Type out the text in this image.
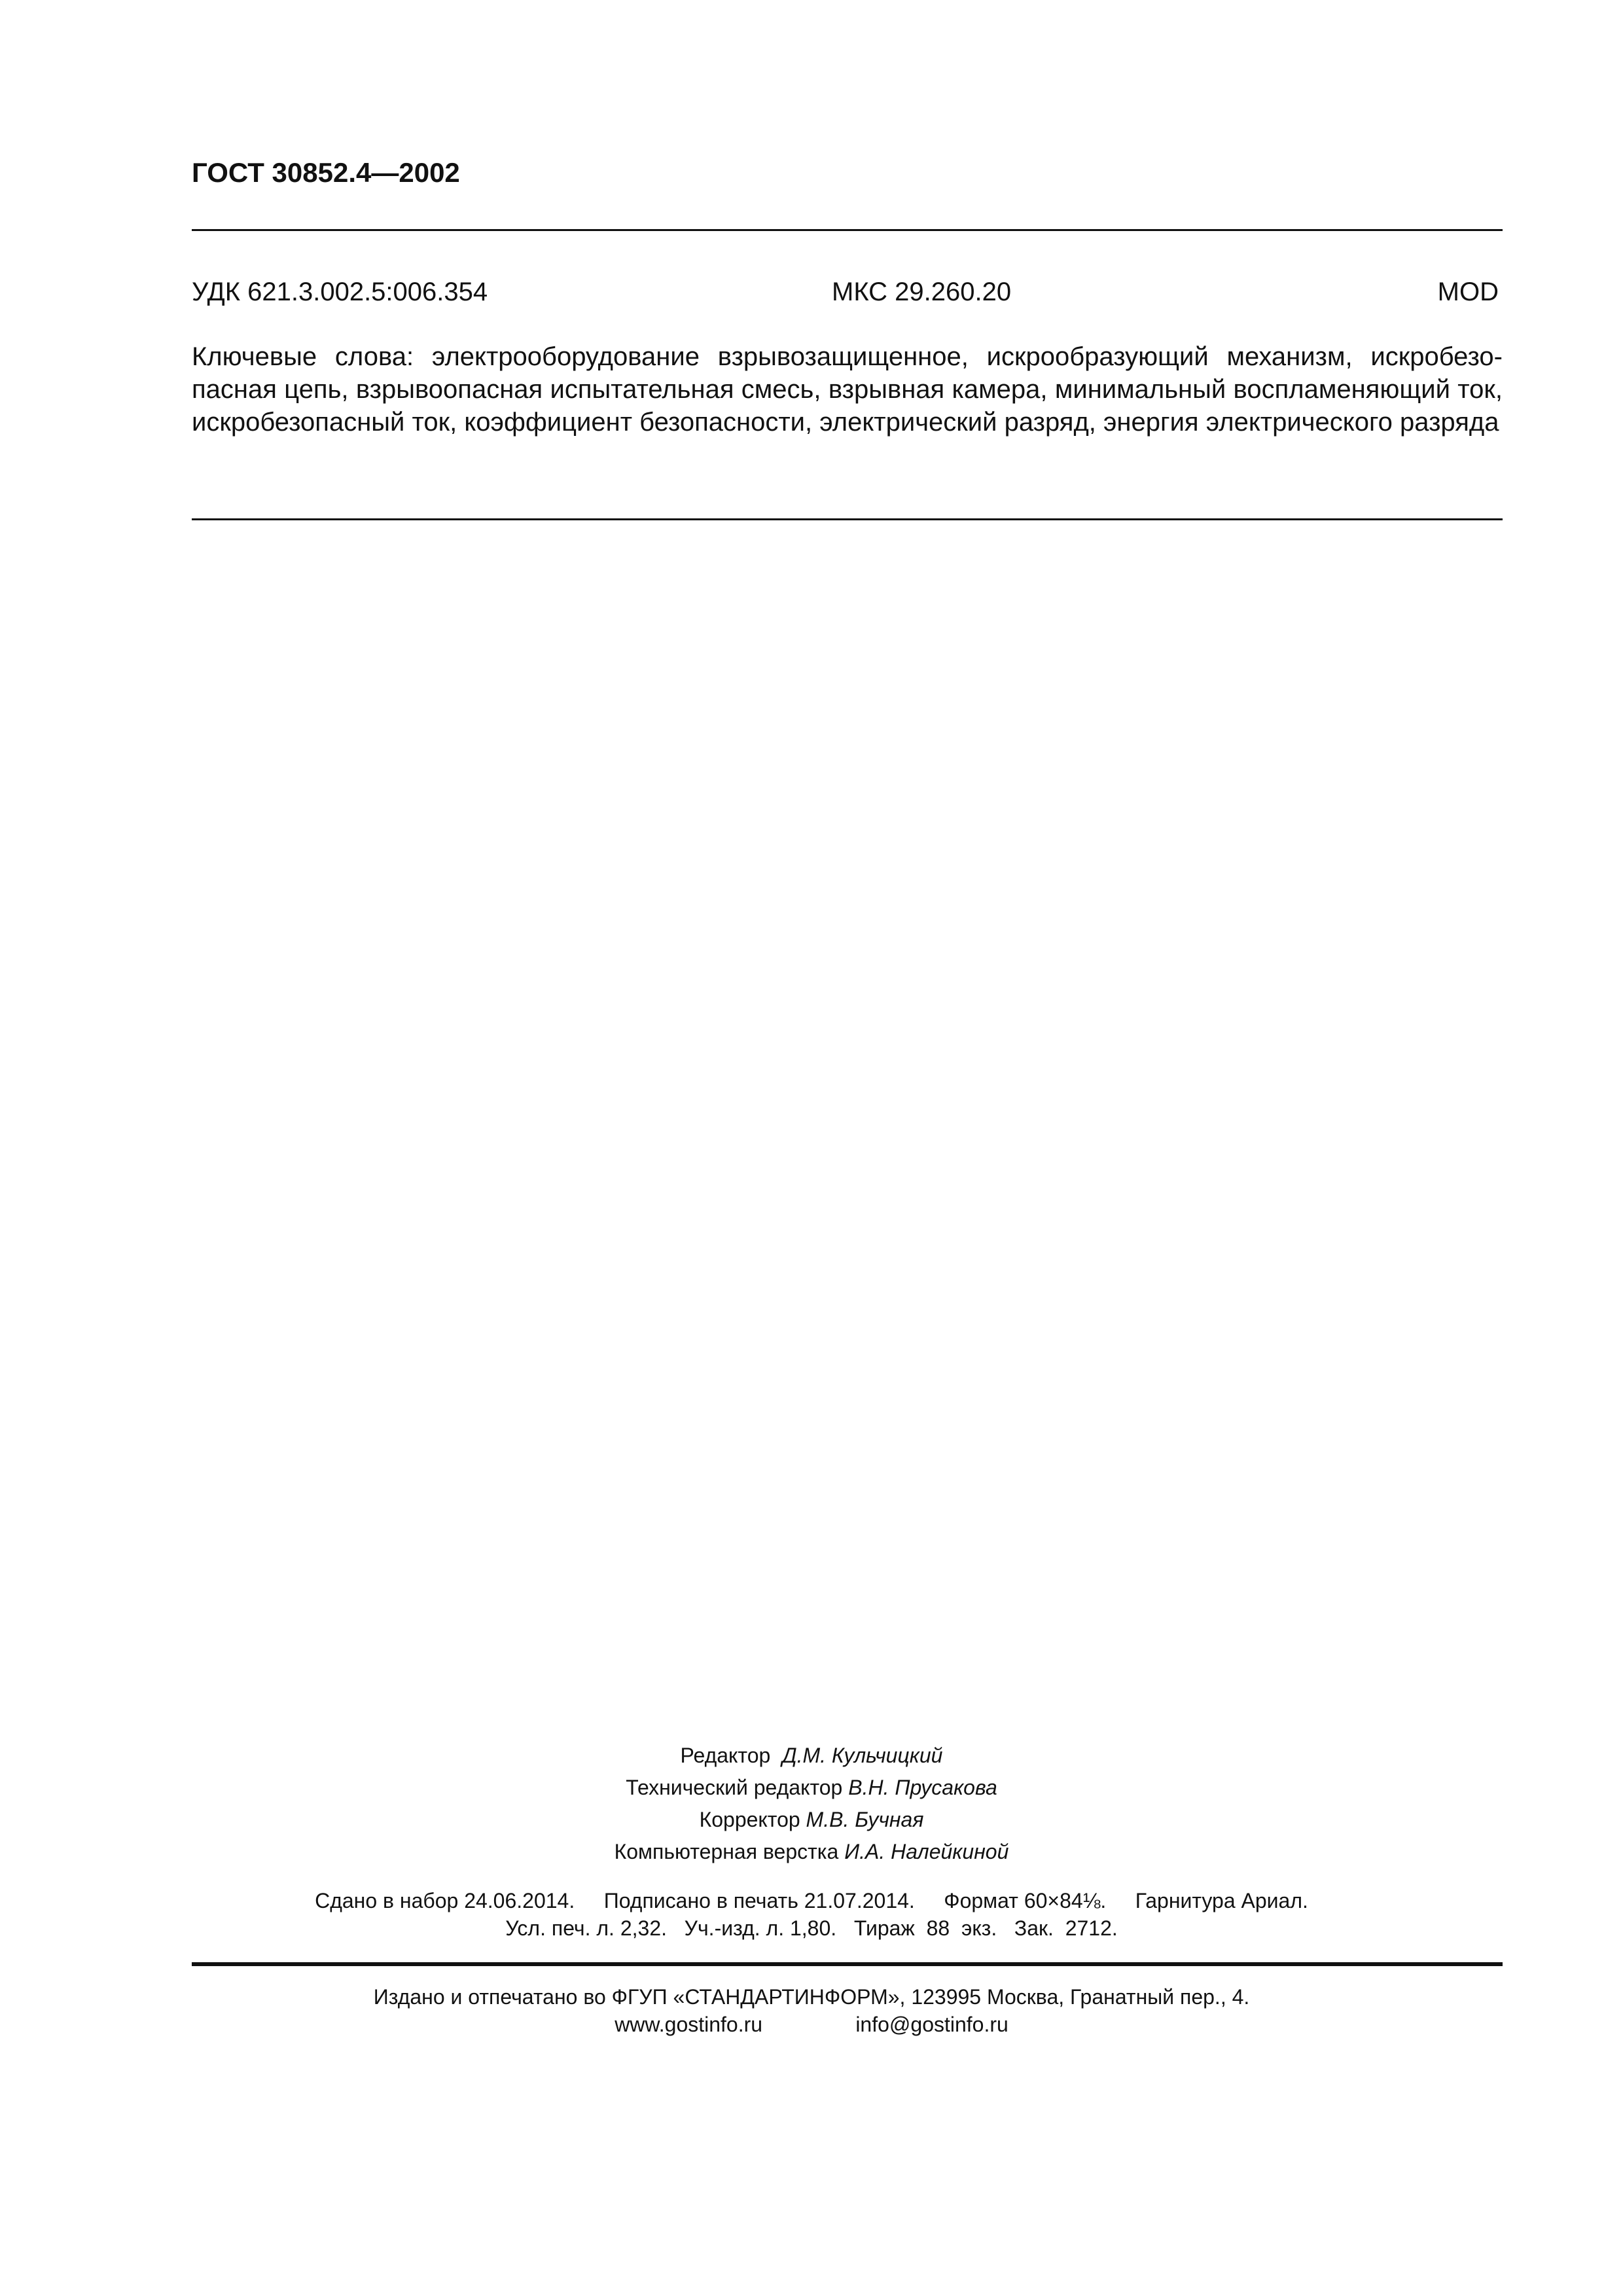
ГОСТ 30852.4—2002
УДК 621.3.002.5:006.354	МКС 29.260.20	MOD
Ключевые слова: электрооборудование взрывозащищенное, искрообразующий механизм, искробезо-пасная цепь, взрывоопасная испытательная смесь, взрывная камера, минимальный воспламеняющий ток, искробезопасный ток, коэффициент безопасности, электрический разряд, энергия электрического разряда
Редактор Д.М. Кульчицкий
Технический редактор В.Н. Прусакова
Корректор М.В. Бучная
Компьютерная верстка И.А. Налейкиной
Сдано в набор 24.06.2014.     Подписано в печать 21.07.2014.     Формат 60×84⅛.     Гарнитура Ариал.
Усл. печ. л. 2,32.   Уч.-изд. л. 1,80.   Тираж  88  экз.   Зак.  2712.
Издано и отпечатано во ФГУП «СТАНДАРТИНФОРМ», 123995 Москва, Гранатный пер., 4.
www.gostinfo.ru	info@gostinfo.ru
